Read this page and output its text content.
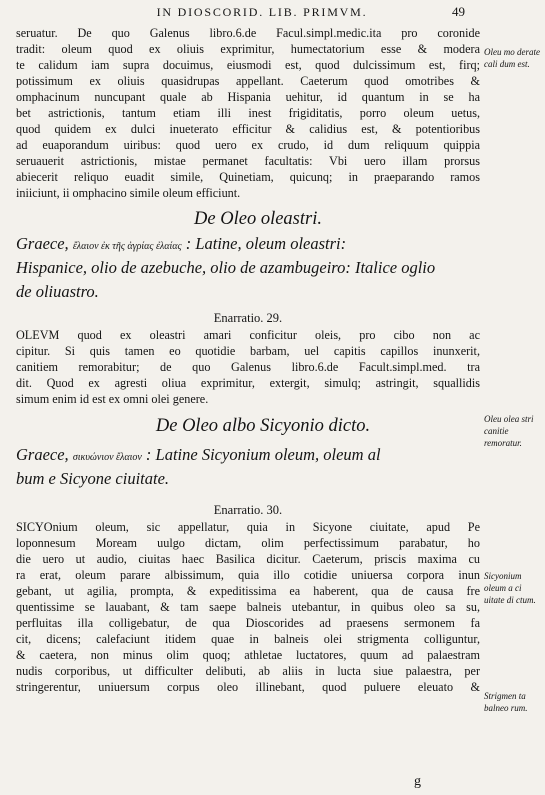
IN DIOSCORID. LIB. PRIMVM.	49
seruatur. De quo Galenus libro.6.de Facul.simpl.medic.ita pro coronide
tradit: oleum quod ex oliuis exprimitur, humectatorium esse & modera
te calidum iam supra docuimus, eiusmodi est, quod dulcissimum est, firq;
potissimum ex oliuis quasidrupas appellant. Caeterum quod omotribes &
omphacinum nuncupant quale ab Hispania uehitur, id quantum in se ha
bet astrictionis, tantum etiam illi inest frigiditatis, porro oleum uetus,
quod quidem ex dulci inueterato efficitur & calidius est, & potentioribus
ad euaporandum uiribus: quod uero ex crudo, id dum reliquum quippia
seruauerit astrictionis, mistae permanet facultatis: Vbi uero illam prorsus
abiecerit reliquo euadit simile, Quinetiam, quicunq; in praeparando ramos
iniiciunt, ii omphacino simile oleum efficiunt.
De Oleo oleastri.
Graece, ἔλαιον ἐκ τῆς ἀγρίας ἐλαίας : Latine, oleum oleastri:
Hispanice, olio de azebuche, olio de azambugeiro: Italice oglio
de oliuastro.
Enarratio. 29.
OLEVM quod ex oleastri amari conficitur oleis, pro cibo non ac
cipitur. Si quis tamen eo quotidie barbam, uel capitis capillos inunxerit,
canitiem remorabitur; de quo Galenus libro.6.de Facult.simpl.med. tra
dit. Quod ex agresti oliua exprimitur, extergit, simulq; astringit, squallidis
simum enim id est ex omni olei genere.
De Oleo albo Sicyonio dicto.
Graece, σικυώνιον ἔλαιον : Latine Sicyonium oleum, oleum al
bum e Sicyone ciuitate.
Enarratio. 30.
SICYOnium oleum, sic appellatur, quia in Sicyone ciuitate, apud Pe
loponnesum Moream uulgo dictam, olim perfectissimum parabatur, ho
die uero ut audio, ciuitas haec Basilica dicitur. Caeterum, priscis maxima cu
ra erat, oleum parare albissimum, quia illo cotidie uniuersa corpora inun
gebant, ut agilia, prompta, & expeditissima ea haberent, qua de causa fre
quentissime se lauabant, & tam saepe balneis utebantur, in quibus oleo sa su,
perfluitas illa colligebatur, de qua Dioscorides ad praesens sermonem fa
cit, dicens; calefaciunt itidem quae in balneis olei strigmenta colliguntur,
& caetera, non minus olim quoq; athletae luctatores, quum ad palaestram
nudis corporibus, ut difficulter delibuti, ab aliis in lucta siue palaestra, per
stringerentur, uniuersum corpus oleo illinebant, quod puluere eleuato &
Oleu mo derate cali dum est.
Oleu olea stri canitie remoratur.
Sicyonium oleum a ci uitate di ctum.
Strigmen ta balneo rum.
g
